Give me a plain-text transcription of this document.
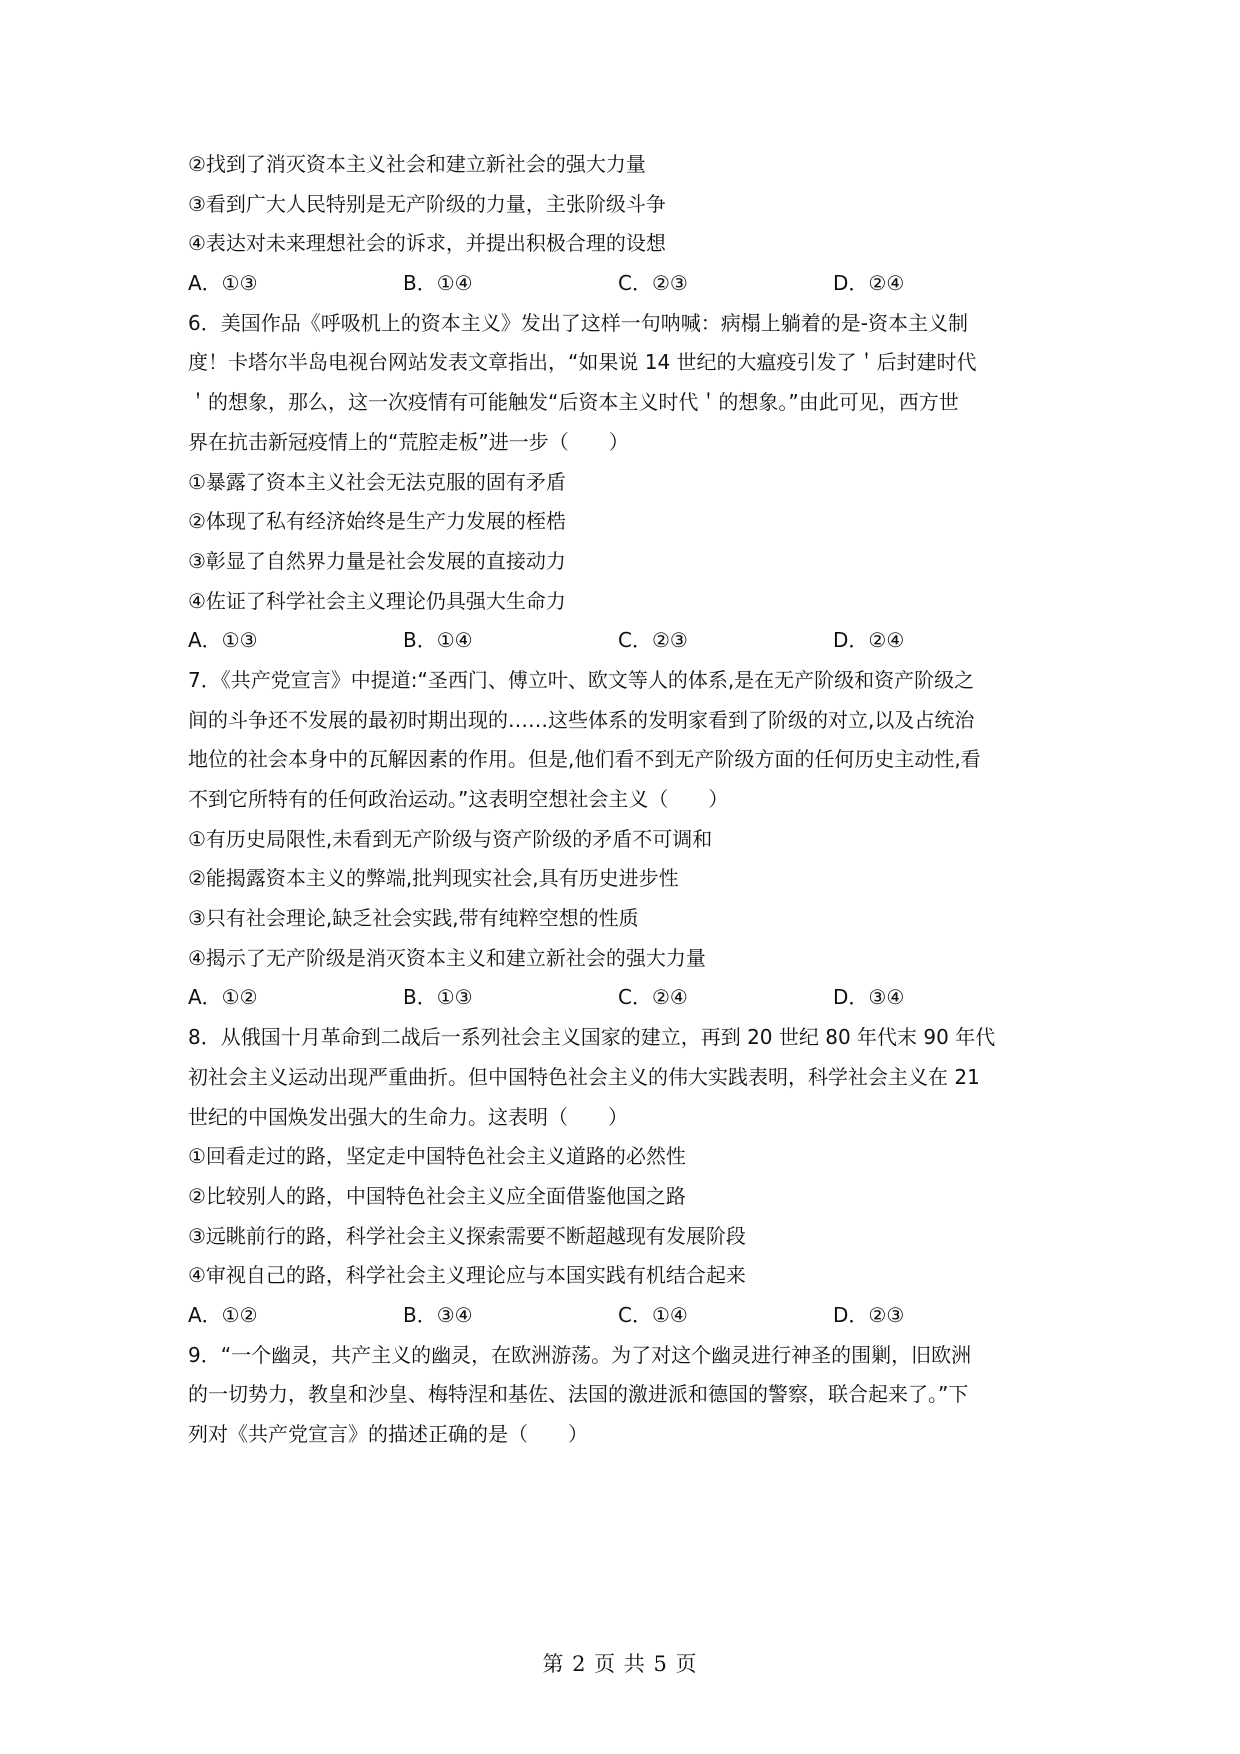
②找到了消灭资本主义社会和建立新社会的强大力量

③看到广大人民特别是无产阶级的力量，主张阶级斗争

④表达对未来理想社会的诉求，并提出积极合理的设想

A．①③	B．①④	C．②③	D．②④

6．美国作品《呼吸机上的资本主义》发出了这样一句呐喊：病榻上躺着的是-资本主义制

度！卡塔尔半岛电视台网站发表文章指出，“如果说 14 世纪的大瘟疫引发了＇后封建时代

＇的想象，那么，这一次疫情有可能触发“后资本主义时代＇的想象。”由此可见，西方世

界在抗击新冠疫情上的“荒腔走板”进一步（　　）

①暴露了资本主义社会无法克服的固有矛盾

②体现了私有经济始终是生产力发展的桎梏

③彰显了自然界力量是社会发展的直接动力

④佐证了科学社会主义理论仍具强大生命力

A．①③	B．①④	C．②③	D．②④

7．《共产党宣言》中提道:“圣西门、傅立叶、欧文等人的体系,是在无产阶级和资产阶级之

间的斗争还不发展的最初时期出现的……这些体系的发明家看到了阶级的对立,以及占统治

地位的社会本身中的瓦解因素的作用。但是,他们看不到无产阶级方面的任何历史主动性,看

不到它所特有的任何政治运动。”这表明空想社会主义（　　）

①有历史局限性,未看到无产阶级与资产阶级的矛盾不可调和

②能揭露资本主义的弊端,批判现实社会,具有历史进步性

③只有社会理论,缺乏社会实践,带有纯粹空想的性质

④揭示了无产阶级是消灭资本主义和建立新社会的强大力量

A．①②	B．①③	C．②④	D．③④

8．从俄国十月革命到二战后一系列社会主义国家的建立，再到 20 世纪 80 年代末 90 年代

初社会主义运动出现严重曲折。但中国特色社会主义的伟大实践表明，科学社会主义在 21

世纪的中国焕发出强大的生命力。这表明（　　）

①回看走过的路，坚定走中国特色社会主义道路的必然性

②比较别人的路，中国特色社会主义应全面借鉴他国之路

③远眺前行的路，科学社会主义探索需要不断超越现有发展阶段

④审视自己的路，科学社会主义理论应与本国实践有机结合起来

A．①②	B．③④	C．①④	D．②③

9．“一个幽灵，共产主义的幽灵，在欧洲游荡。为了对这个幽灵进行神圣的围剿，旧欧洲

的一切势力，教皇和沙皇、梅特涅和基佐、法国的激进派和德国的警察，联合起来了。”下

列对《共产党宣言》的描述正确的是（　　）

第 2 页 共 5 页
